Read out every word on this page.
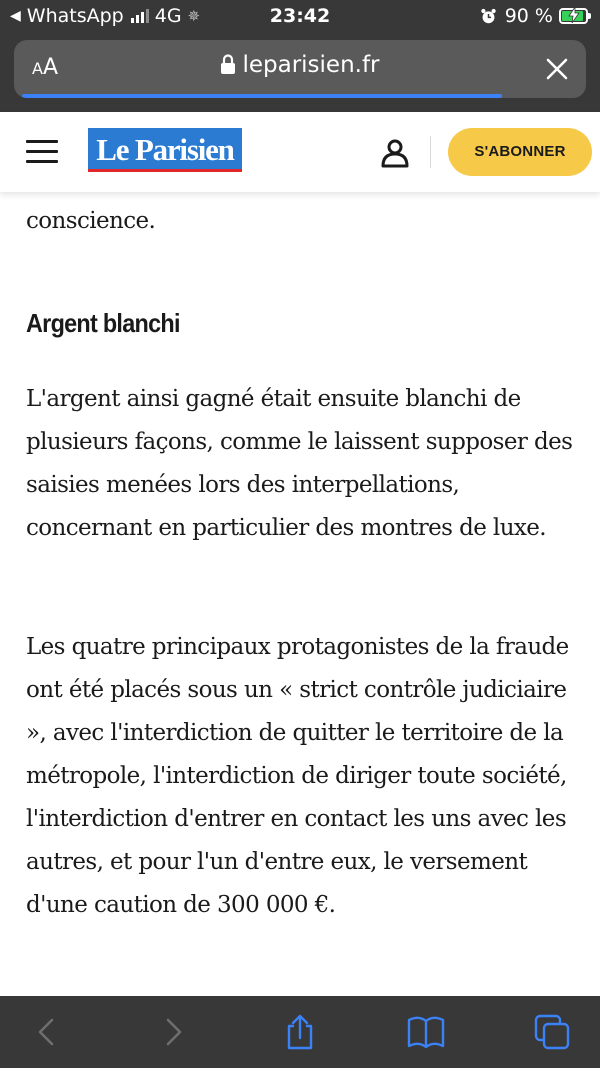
◀ WhatsApp 4G ✵	23:42	90 %
AA	leparisien.fr
Le Parisien	S'ABONNER

conscience.

Argent blanchi

L'argent ainsi gagné était ensuite blanchi de plusieurs façons, comme le laissent supposer des saisies menées lors des interpellations, concernant en particulier des montres de luxe.

Les quatre principaux protagonistes de la fraude ont été placés sous un « strict contrôle judiciaire », avec l'interdiction de quitter le territoire de la métropole, l'interdiction de diriger toute société, l'interdiction d'entrer en contact les uns avec les autres, et pour l'un d'entre eux, le versement d'une caution de 300 000 €.
